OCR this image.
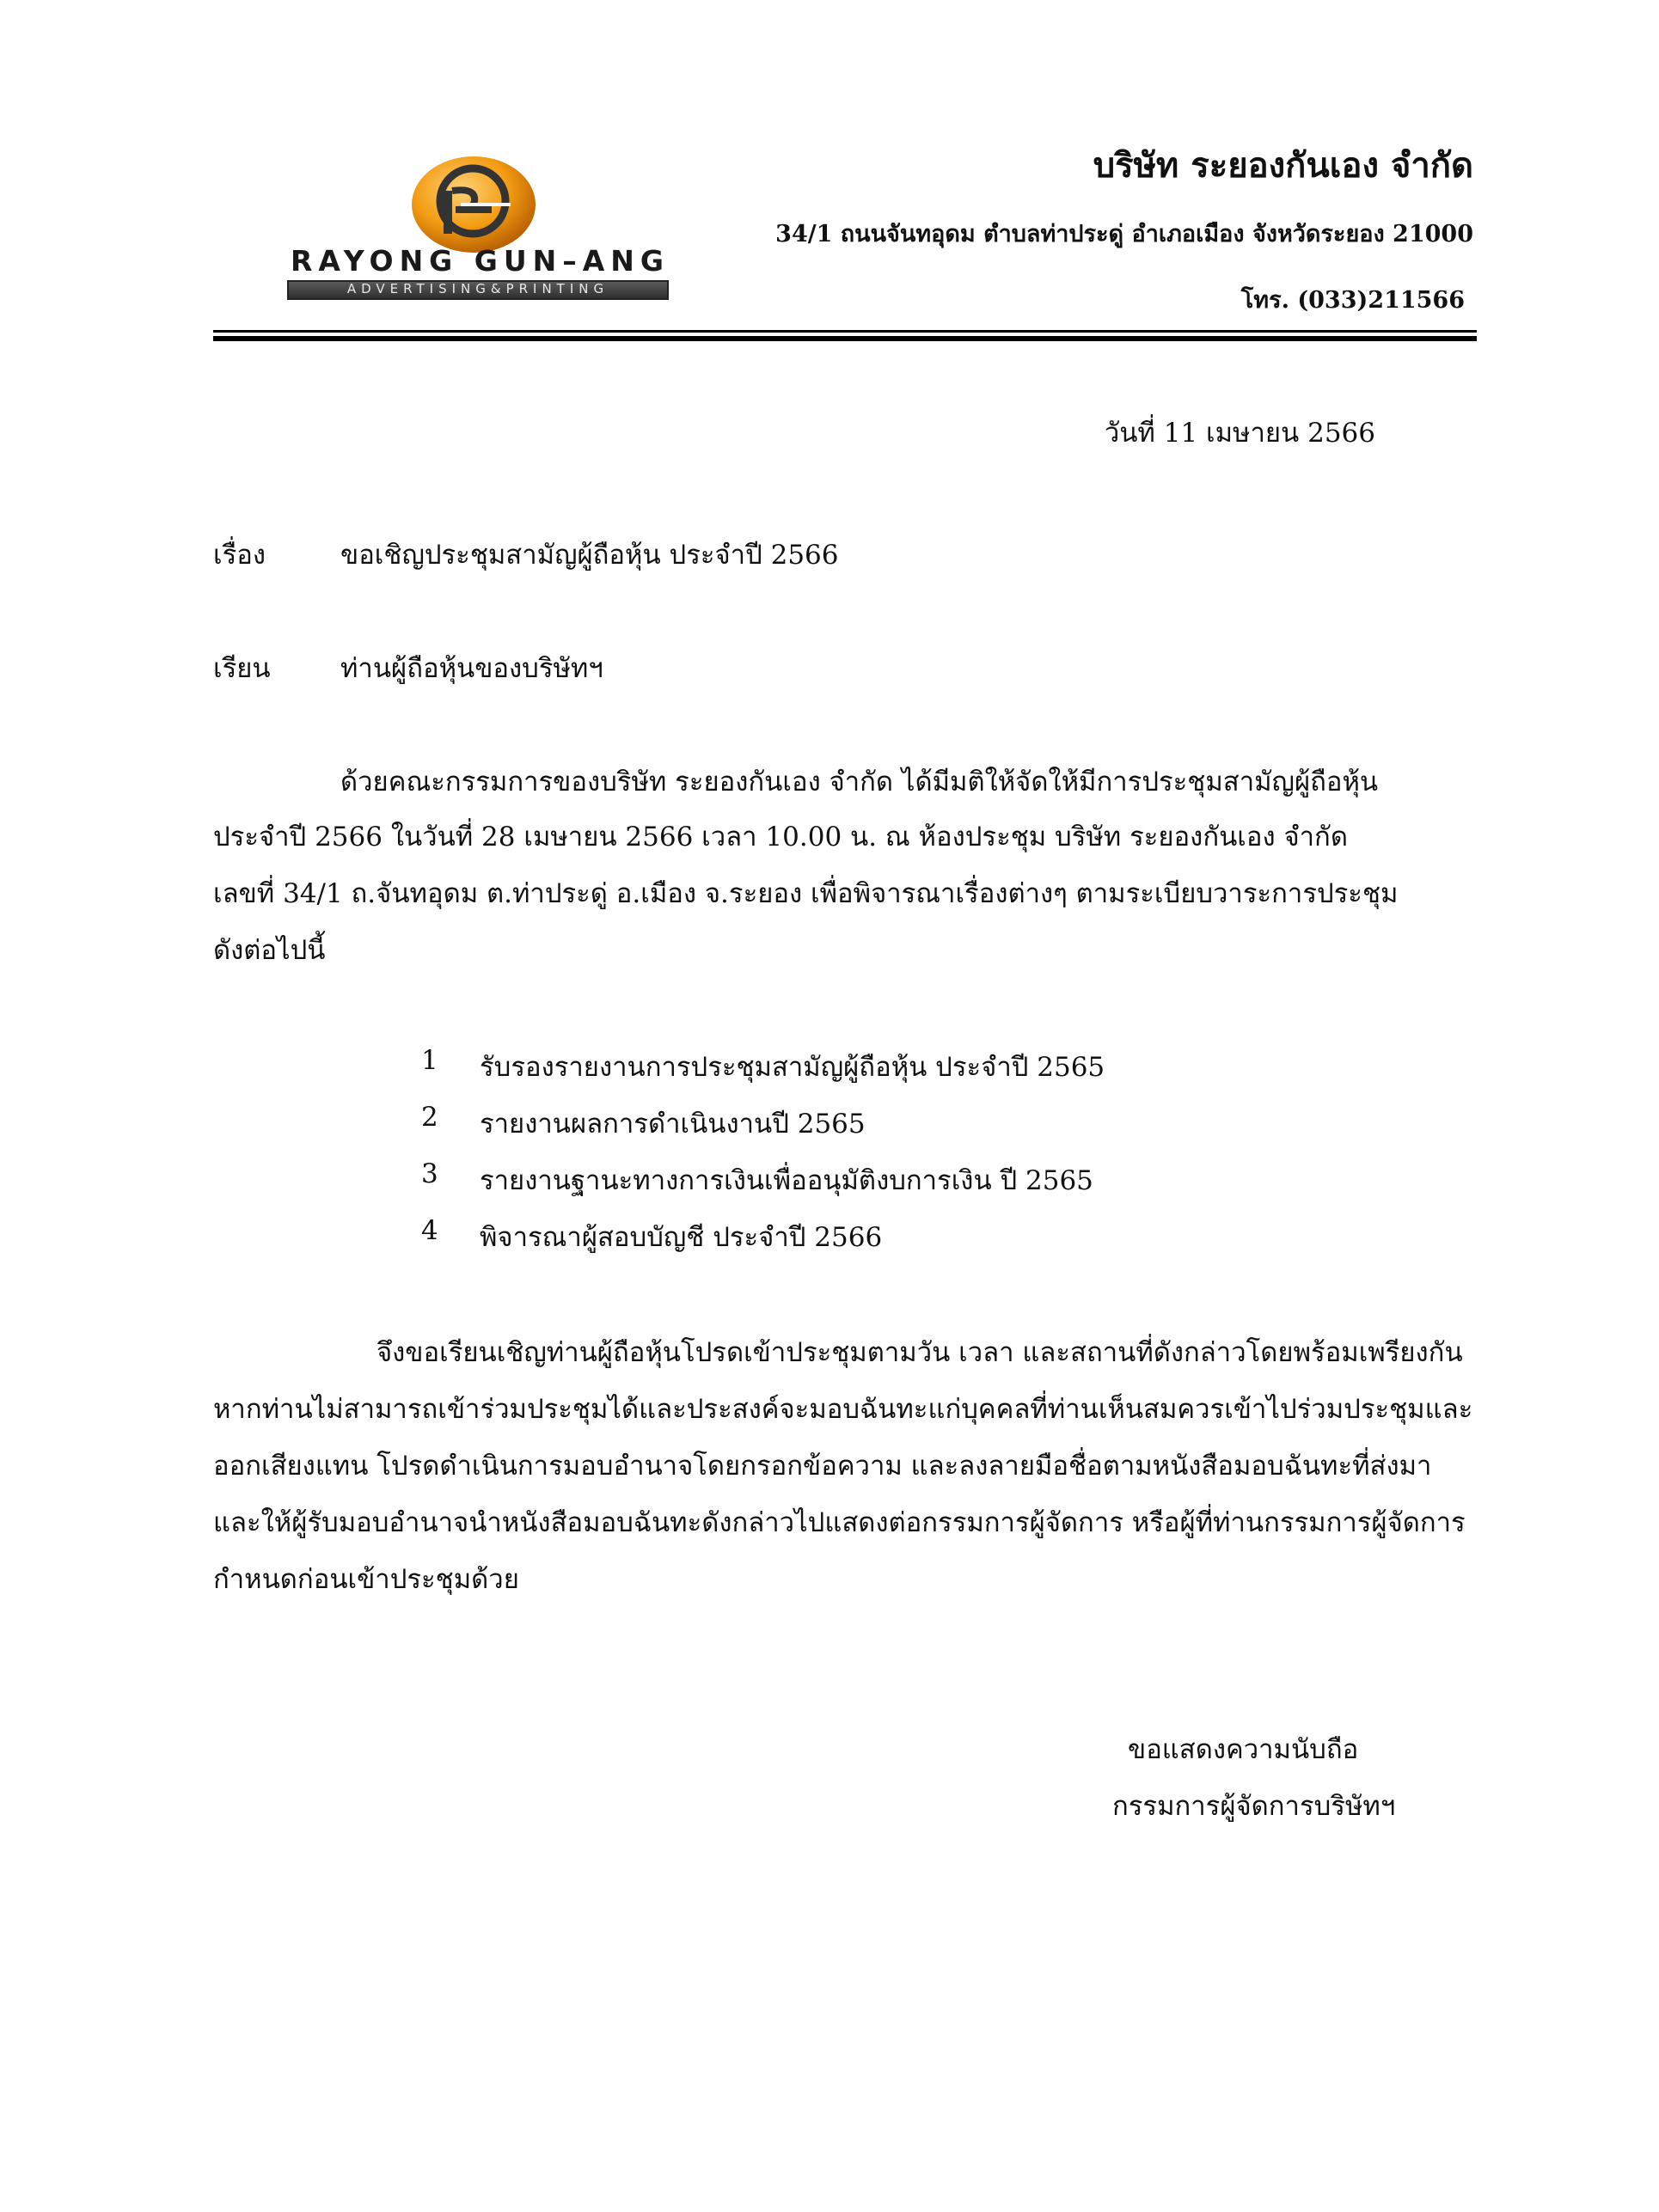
RAYONG GUN–ANG
ADVERTISING&PRINTING
บริษัท ระยองกันเอง จำกัด
34/1 ถนนจันทอุดม ตำบลท่าประดู่ อำเภอเมือง จังหวัดระยอง 21000
โทร. (033)211566
วันที่ 11 เมษายน 2566
เรื่อง	ขอเชิญประชุมสามัญผู้ถือหุ้น ประจำปี 2566
เรียน	ท่านผู้ถือหุ้นของบริษัทฯ
ด้วยคณะกรรมการของบริษัท ระยองกันเอง จำกัด ได้มีมติให้จัดให้มีการประชุมสามัญผู้ถือหุ้น
ประจำปี 2566 ในวันที่ 28 เมษายน 2566 เวลา 10.00 น. ณ ห้องประชุม บริษัท ระยองกันเอง จำกัด
เลขที่ 34/1 ถ.จันทอุดม ต.ท่าประดู่ อ.เมือง จ.ระยอง เพื่อพิจารณาเรื่องต่างๆ ตามระเบียบวาระการประชุม
ดังต่อไปนี้
1 รับรองรายงานการประชุมสามัญผู้ถือหุ้น ประจำปี 2565
2 รายงานผลการดำเนินงานปี 2565
3 รายงานฐานะทางการเงินเพื่ออนุมัติงบการเงิน ปี 2565
4 พิจารณาผู้สอบบัญชี ประจำปี 2566
จึงขอเรียนเชิญท่านผู้ถือหุ้นโปรดเข้าประชุมตามวัน เวลา และสถานที่ดังกล่าวโดยพร้อมเพรียงกัน
หากท่านไม่สามารถเข้าร่วมประชุมได้และประสงค์จะมอบฉันทะแก่บุคคลที่ท่านเห็นสมควรเข้าไปร่วมประชุมและ
ออกเสียงแทน โปรดดำเนินการมอบอำนาจโดยกรอกข้อความ และลงลายมือชื่อตามหนังสือมอบฉันทะที่ส่งมา
และให้ผู้รับมอบอำนาจนำหนังสือมอบฉันทะดังกล่าวไปแสดงต่อกรรมการผู้จัดการ หรือผู้ที่ท่านกรรมการผู้จัดการ
กำหนดก่อนเข้าประชุมด้วย
ขอแสดงความนับถือ
กรรมการผู้จัดการบริษัทฯ
